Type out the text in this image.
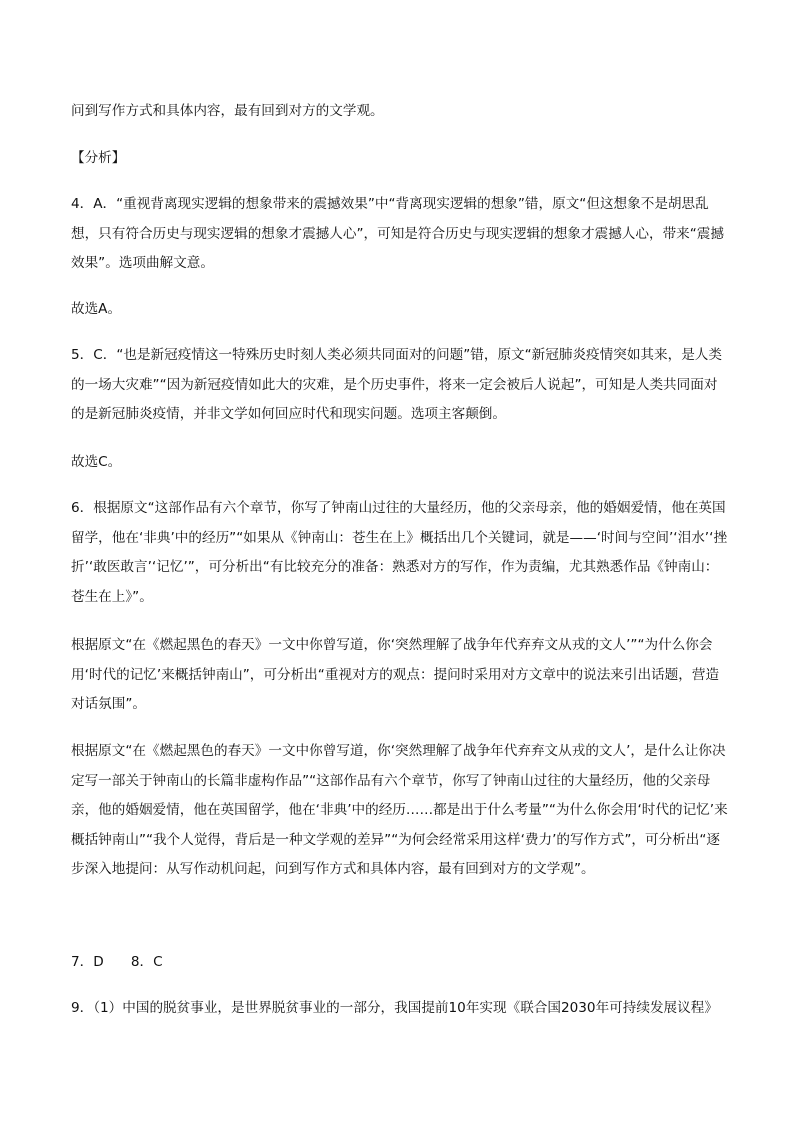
问到写作方式和具体内容，最有回到对方的文学观。

【分析】

4．A．“重视背离现实逻辑的想象带来的震撼效果”中“背离现实逻辑的想象”错，原文“但这想象不是胡思乱想，只有符合历史与现实逻辑的想象才震撼人心”，可知是符合历史与现实逻辑的想象才震撼人心，带来“震撼效果”。选项曲解文意。

故选A。

5．C．“也是新冠疫情这一特殊历史时刻人类必须共同面对的问题”错，原文“新冠肺炎疫情突如其来，是人类的一场大灾难”“因为新冠疫情如此大的灾难，是个历史事件，将来一定会被后人说起”，可知是人类共同面对的是新冠肺炎疫情，并非文学如何回应时代和现实问题。选项主客颠倒。

故选C。

6．根据原文“这部作品有六个章节，你写了钟南山过往的大量经历，他的父亲母亲，他的婚姻爱情，他在英国留学，他在‘非典’中的经历”“如果从《钟南山：苍生在上》概括出几个关键词，就是——‘时间与空间’‘泪水’‘挫折’‘敢医敢言’‘记忆’”，可分析出“有比较充分的准备：熟悉对方的写作，作为责编，尤其熟悉作品《钟南山：苍生在上》”。

根据原文“在《燃起黑色的春天》一文中你曾写道，你‘突然理解了战争年代弃弃文从戎的文人’”“为什么你会用‘时代的记忆’来概括钟南山”，可分析出“重视对方的观点：提问时采用对方文章中的说法来引出话题，营造对话氛围”。

根据原文“在《燃起黑色的春天》一文中你曾写道，你‘突然理解了战争年代弃弃文从戎的文人’，是什么让你决定写一部关于钟南山的长篇非虚构作品”“这部作品有六个章节，你写了钟南山过往的大量经历，他的父亲母亲，他的婚姻爱情，他在英国留学，他在‘非典’中的经历……都是出于什么考量”“为什么你会用‘时代的记忆’来概括钟南山”“我个人觉得，背后是一种文学观的差异”“为何会经常采用这样‘费力’的写作方式”，可分析出“逐步深入地提问：从写作动机问起，问到写作方式和具体内容，最有回到对方的文学观”。

7．D　　8．C

9．（1）中国的脱贫事业，是世界脱贫事业的一部分，我国提前10年实现《联合国2030年可持续发展议程》
